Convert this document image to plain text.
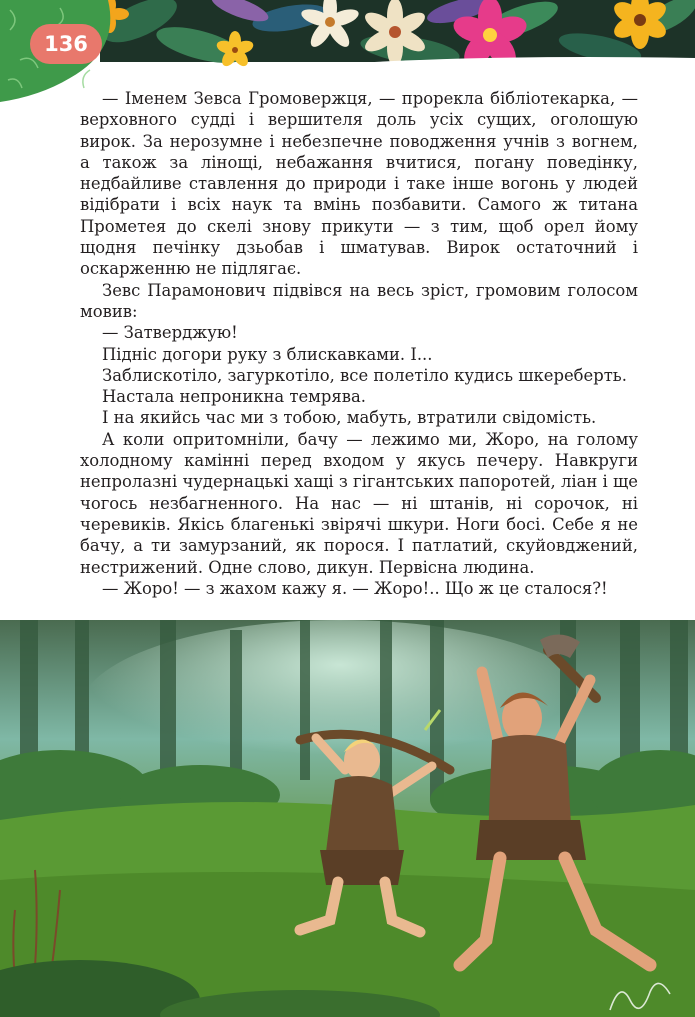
136

— Іменем Зевса Громовержця, — прорекла бібліотекарка, — верховного судді і вершителя доль усіх сущих, оголошую вирок. За нерозумне і небезпечне поводження учнів з вогнем, а також за лінощі, небажання вчитися, погану поведінку, недбайливе ставлення до природи і таке інше вогонь у людей відібрати і всіх наук та вмінь позбавити. Самого ж титана Прометея до скелі знову прикути — з тим, щоб орел йому щодня печінку дзьобав і шматував. Вирок остаточний і оскарженню не підлягає.

Зевс Парамонович підвівся на весь зріст, громовим голосом мовив:

— Затверджую!

Підніс догори руку з блискавками. І...

Заблискотіло, загуркотіло, все полетіло кудись шкереберть.

Настала непроникна темрява.

І на якийсь час ми з тобою, мабуть, втратили свідомість.

А коли опритомніли, бачу — лежимо ми, Жоро, на голому холодному камінні перед входом у якусь печеру. Навкруги непролазні чудернацькі хащі з гігантських папоротей, ліан і ще чогось незбагненного. На нас — ні штанів, ні сорочок, ні черевиків. Якісь благенькі звірячі шкури. Ноги босі. Себе я не бачу, а ти замурзаний, як порося. І патлатий, скуйовджений, нестрижений. Одне слово, дикун. Первісна людина.

— Жоро! — з жахом кажу я. — Жоро!.. Що ж це сталося?!
